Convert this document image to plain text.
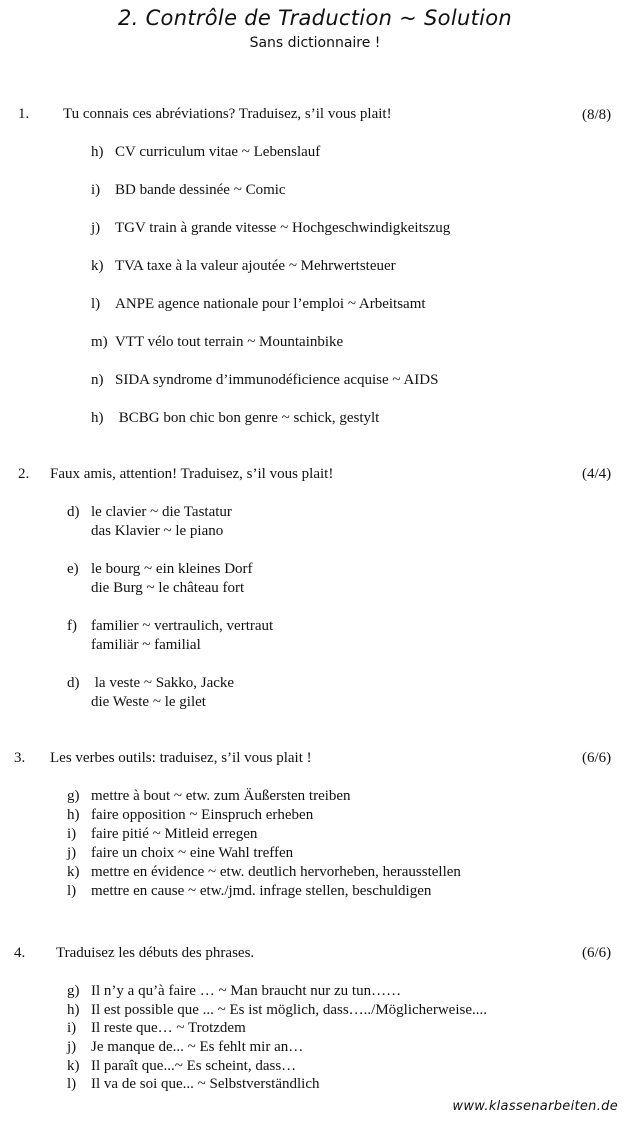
2. Contrôle de Traduction ~ Solution
Sans dictionnaire !
1. Tu connais ces abréviations? Traduisez, s’il vous plait!	(8/8)
h) CV curriculum vitae ~ Lebenslauf
i) BD bande dessinée ~ Comic
j) TGV train à grande vitesse ~ Hochgeschwindigkeitszug
k) TVA taxe à la valeur ajoutée ~ Mehrwertsteuer
l) ANPE agence nationale pour l’emploi ~ Arbeitsamt
m) VTT vélo tout terrain ~ Mountainbike
n) SIDA syndrome d’immunodéficience acquise ~ AIDS
h) BCBG bon chic bon genre ~ schick, gestylt
2. Faux amis, attention! Traduisez, s’il vous plait!	(4/4)
d) le clavier ~ die Tastatur
das Klavier ~ le piano
e) le bourg ~ ein kleines Dorf
die Burg ~ le château fort
f) familier ~ vertraulich, vertraut
familiär ~ familial
d) la veste ~ Sakko, Jacke
die Weste ~ le gilet
3. Les verbes outils: traduisez, s’il vous plait !	(6/6)
g) mettre à bout ~ etw. zum Äußersten treiben
h) faire opposition ~ Einspruch erheben
i) faire pitié ~ Mitleid erregen
j) faire un choix ~ eine Wahl treffen
k) mettre en évidence ~ etw. deutlich hervorheben, herausstellen
l) mettre en cause ~ etw./jmd. infrage stellen, beschuldigen
4. Traduisez les débuts des phrases.	(6/6)
g) Il n’y a qu’à faire … ~ Man braucht nur zu tun……
h) Il est possible que ... ~ Es ist möglich, dass…../Möglicherweise....
i) Il reste que… ~ Trotzdem
j) Je manque de... ~ Es fehlt mir an…
k) Il paraît que...~ Es scheint, dass…
l) Il va de soi que... ~ Selbstverständlich
www.klassenarbeiten.de
